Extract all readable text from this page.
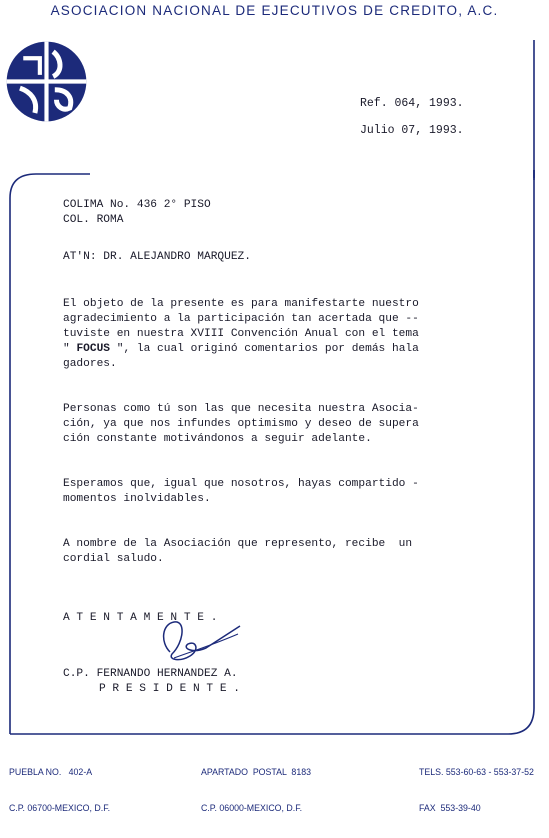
ASOCIACION NACIONAL DE EJECUTIVOS DE CREDITO, A.C.
Ref. 064, 1993.
Julio 07, 1993.

COLIMA No. 436 2° PISO

COL. ROMA

AT'N: DR. ALEJANDRO MARQUEZ.

El objeto de la presente es para manifestarte nuestro

agradecimiento a la participación tan acertada que --

tuviste en nuestra XVIII Convención Anual con el tema

" FOCUS ", la cual originó comentarios por demás hala

gadores.

Personas como tú son las que necesita nuestra Asocia-

ción, ya que nos infundes optimismo y deseo de supera

ción constante motivándonos a seguir adelante.

Esperamos que, igual que nosotros, hayas compartido -

momentos inolvidables.

A nombre de la Asociación que represento, recibe  un

cordial saludo.

A T E N T A M E N T E .

C.P. FERNANDO HERNANDEZ A.

P R E S I D E N T E .

PUEBLA NO.   402-A

C.P. 06700-MEXICO, D.F.

APARTADO  POSTAL  8183

C.P. 06000-MEXICO, D.F.

TELS. 553-60-63 - 553-37-52

FAX  553-39-40
